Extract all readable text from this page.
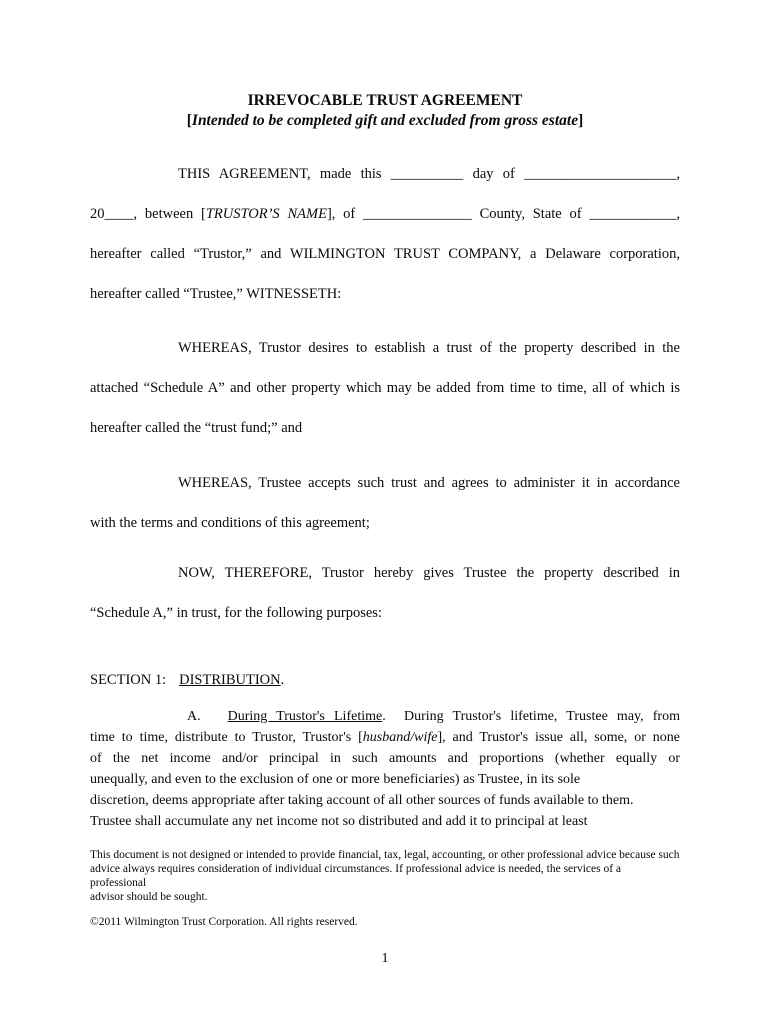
IRREVOCABLE TRUST AGREEMENT
[Intended to be completed gift and excluded from gross estate]

THIS AGREEMENT, made this __________ day of _____________________,
20____, between [TRUSTOR’S NAME], of _______________ County, State of ____________,
hereafter called “Trustor,” and WILMINGTON TRUST COMPANY, a Delaware corporation,
hereafter called “Trustee,” WITNESSETH:

WHEREAS, Trustor desires to establish a trust of the property described in the
attached “Schedule A” and other property which may be added from time to time, all of which is
hereafter called the “trust fund;” and

WHEREAS, Trustee accepts such trust and agrees to administer it in accordance
with the terms and conditions of this agreement;

NOW, THEREFORE, Trustor hereby gives Trustee the property described in
“Schedule A,” in trust, for the following purposes:

SECTION 1: DISTRIBUTION.

A. During Trustor's Lifetime.  During Trustor's lifetime, Trustee may, from
time to time, distribute to Trustor, Trustor's [husband/wife], and Trustor's issue all, some, or none
of the net income and/or principal in such amounts and proportions (whether equally or
unequally, and even to the exclusion of one or more beneficiaries) as Trustee, in its sole
discretion, deems appropriate after taking account of all other sources of funds available to them.
Trustee shall accumulate any net income not so distributed and add it to principal at least

This document is not designed or intended to provide financial, tax, legal, accounting, or other professional advice because such
advice always requires consideration of individual circumstances. If professional advice is needed, the services of a professional
advisor should be sought.

©2011 Wilmington Trust Corporation. All rights reserved.

1
